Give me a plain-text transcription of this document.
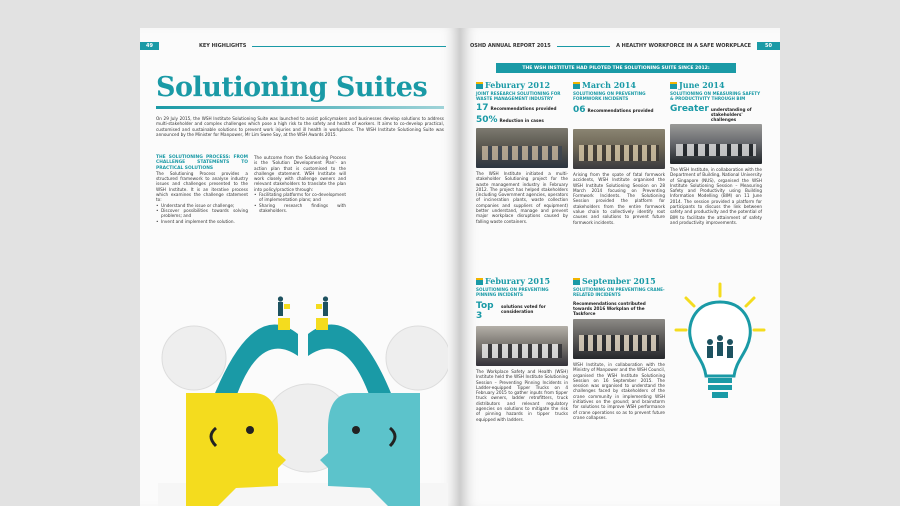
49	KEY HIGHLIGHTS
Solutioning Suites
On 29 July 2015, the WSH Institute Solutioning Suite was launched to assist policymakers and businesses develop solutions to address multi-stakeholder and complex challenges which pose a high risk to the safety and health of workers. It aims to co-develop practical, customised and sustainable solutions to prevent work injuries and ill health in workplaces. The WSH Institute Solutioning Suite was announced by the Minister for Manpower, Mr Lim Swee Say, at the WSH Awards 2015.
THE SOLUTIONING PROCESS: FROM CHALLENGE STATEMENTS TO PRACTICAL SOLUTIONS
The Solutioning Process provides a structured framework to analyse industry issues and challenges presented to the WSH Institute. It is an iterative process which examines the challenge statement to:
• Understand the issue or challenge;
• Discover possibilities towards solving problems; and
• Invent and implement the solution.
The outcome from the Solutioning Process is the 'Solution Development Plan'- an action plan that is customised to the challenge statement. WSH Institute will work closely with challenge owners and relevant stakeholders to translate the plan into policy/practice through:
• Facilitating platforms for co-development of implementation plans; and
• Sharing research findings with stakeholders.
OSHD ANNUAL REPORT 2015	A HEALTHY WORKFORCE IN A SAFE WORKPLACE	50
THE WSH INSTITUTE HAD PILOTED THE SOLUTIONING SUITE SINCE 2012:
Feburary 2012
JOINT RESEARCH SOLUTIONING FOR WASTE MANAGEMENT INDUSTRY
17 Recommendations provided
50% Reduction in cases
The WSH Institute initiated a multi-stakeholder Solutioning project for the waste management industry in February 2012. The project has helped stakeholders (including Government agencies, operators of incineration plants, waste collection companies and suppliers of equipment) better understand, manage and prevent major workplace disruptions caused by falling waste containers.
March 2014
SOLUTIONING ON PREVENTING FORMWORK INCIDENTS
06 Recommendations provided
Arising from the spate of fatal formwork accidents, WSH Institute organised the WSH Institute Solutioning Session on 28 March 2014 focusing on Preventing Formwork Incidents. The Solutioning Session provided the platform for stakeholders from the entire formwork value chain to collectively identify root causes and solutions to prevent future formwork incidents.
June 2014
SOLUTIONING ON MEASURING SAFETY & PRODUCTIVITY THROUGH BIM
Greater understanding of stakeholders' challenges
The WSH Institute, in collaboration with the Department of Building, National University of Singapore (NUS), organised the WSH Institute Solutioning Session – Measuring Safety and Productivity using Building Information Modelling (BIM) on 11 June 2014. The session provided a platform for participants to discuss the link between safety and productivity and the potential of BIM to facilitate the attainment of safety and productivity improvements.
Feburary 2015
SOLUTIONING ON PREVENTING PINNING INCIDENTS
Top 3
solutions voted for consideration
The Workplace Safety and Health (WSH) Institute held the WSH Institute Solutioning Session – Preventing Pinning Incidents in Ladder-equipped Tipper Trucks on 4 February 2015 to gather inputs from tipper truck owners, ladder retrofitters, truck distributors and relevant regulatory agencies on solutions to mitigate the risk of pinning hazards in tipper trucks equipped with ladders.
September 2015
SOLUTIONING ON PREVENTING CRANE-RELATED INCIDENTS
Recommendations contributed towards 2016 Workplan of the Taskforce
WSH Institute, in collaboration with the Ministry of Manpower and the WSH Council, organised the WSH Institute Solutioning Session on 16 September 2015. The session was organised to understand the challenges faced by stakeholders of the crane community in implementing WSH initiatives on the ground; and brainstorm for solutions to improve WSH performance of crane operations so as to prevent future crane collapses.
